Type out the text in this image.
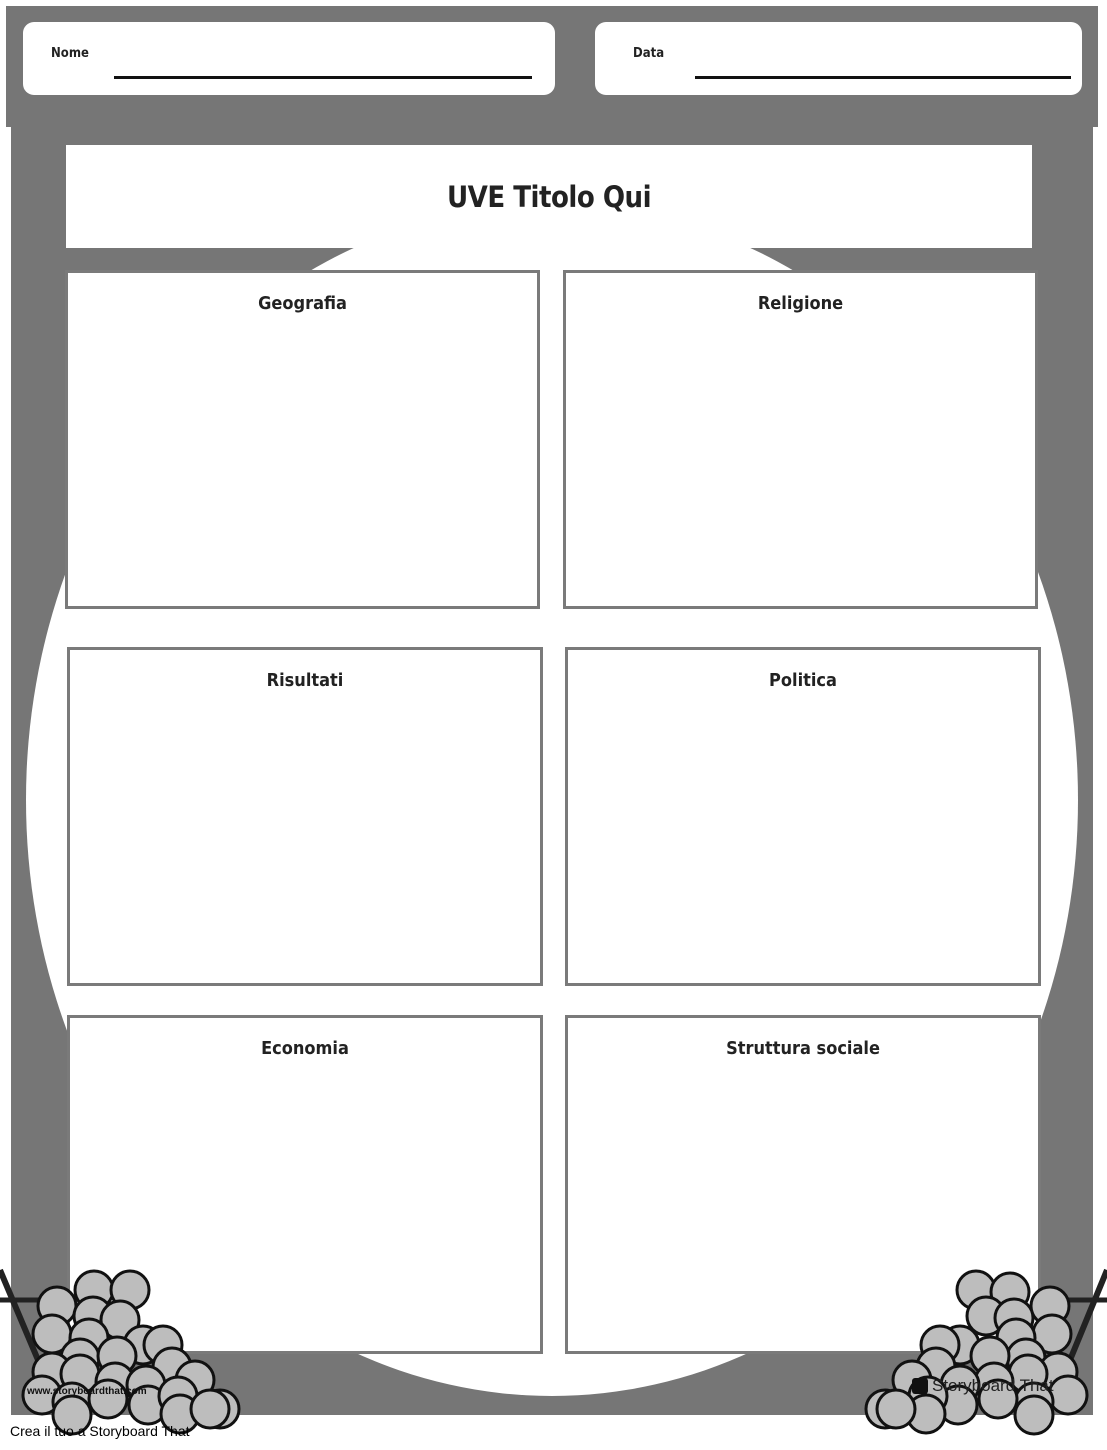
Nome	Data
UVE Titolo Qui
Geografia	Religione
Risultati	Politica
Economia	Struttura sociale
www.storyboardthat.com	Storyboard That
Crea il tuo a Storyboard That
